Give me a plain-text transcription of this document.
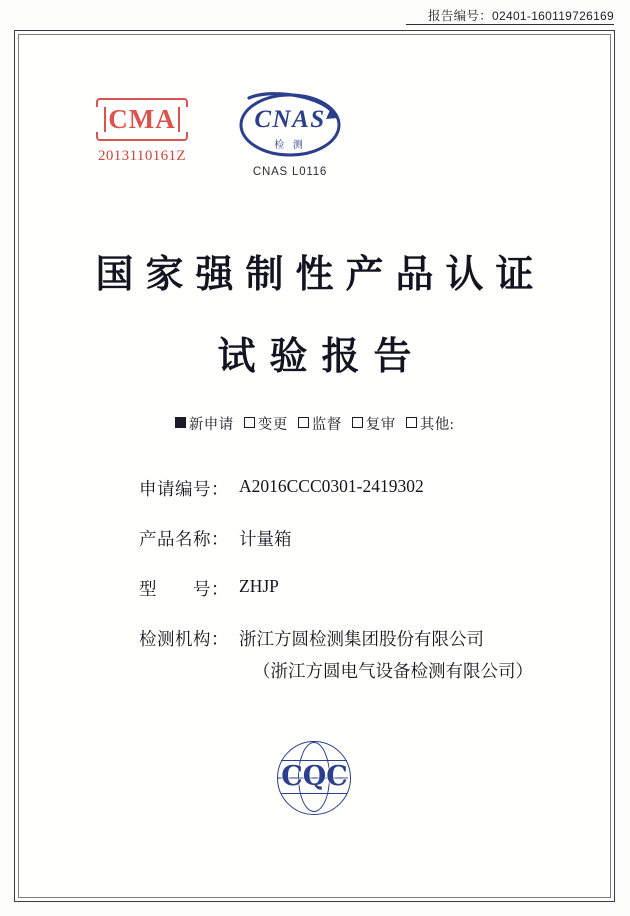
报告编号：02401-160119726169
CMA
2013110161Z
CNAS
检 测
CNAS L0116
国家强制性产品认证
试验报告
新申请 变更 监督 复审 其他:
申请编号： A2016CCC0301-2419302
产品名称： 计量箱
型　　号： ZHJP
检测机构： 浙江方圆检测集团股份有限公司
（浙江方圆电气设备检测有限公司）
CQC
